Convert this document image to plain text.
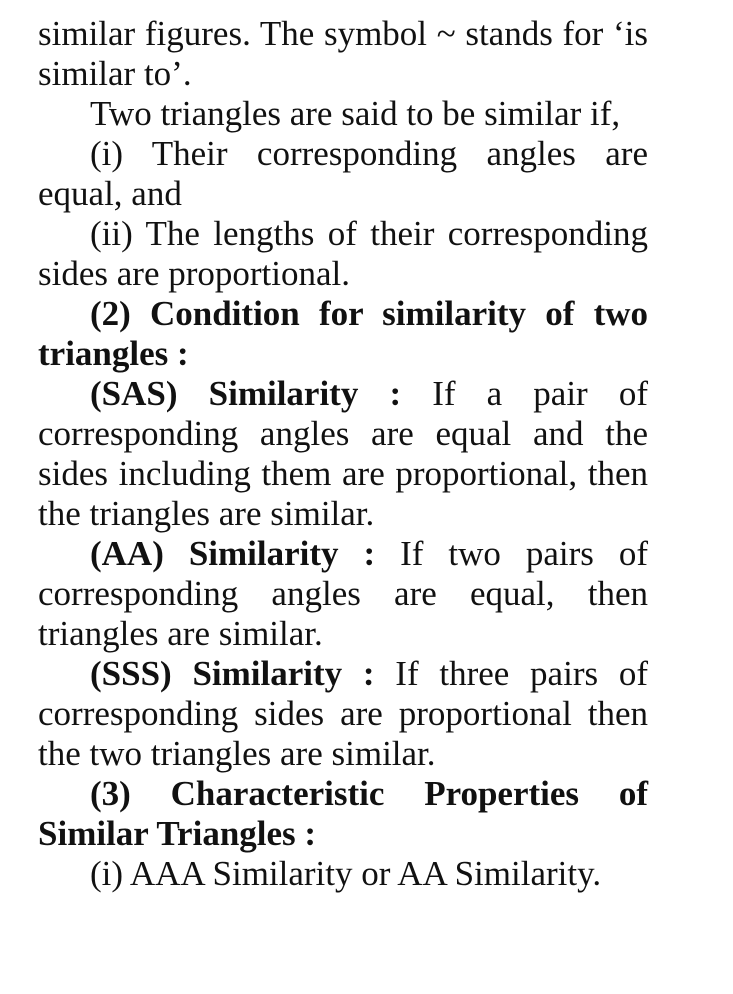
similar figures. The symbol ~ stands for ‘is similar to’.

Two triangles are said to be similar if,

(i) Their corresponding angles are equal, and

(ii) The lengths of their corresponding sides are proportional.

(2) Condition for similarity of two triangles :

(SAS) Similarity : If a pair of corresponding angles are equal and the sides including them are proportional, then the triangles are similar.

(AA) Similarity : If two pairs of corresponding angles are equal, then triangles are similar.

(SSS) Similarity : If three pairs of corresponding sides are proportional then the two triangles are similar.

(3) Characteristic Properties of Similar Triangles :

(i) AAA Similarity or AA Similarity.
